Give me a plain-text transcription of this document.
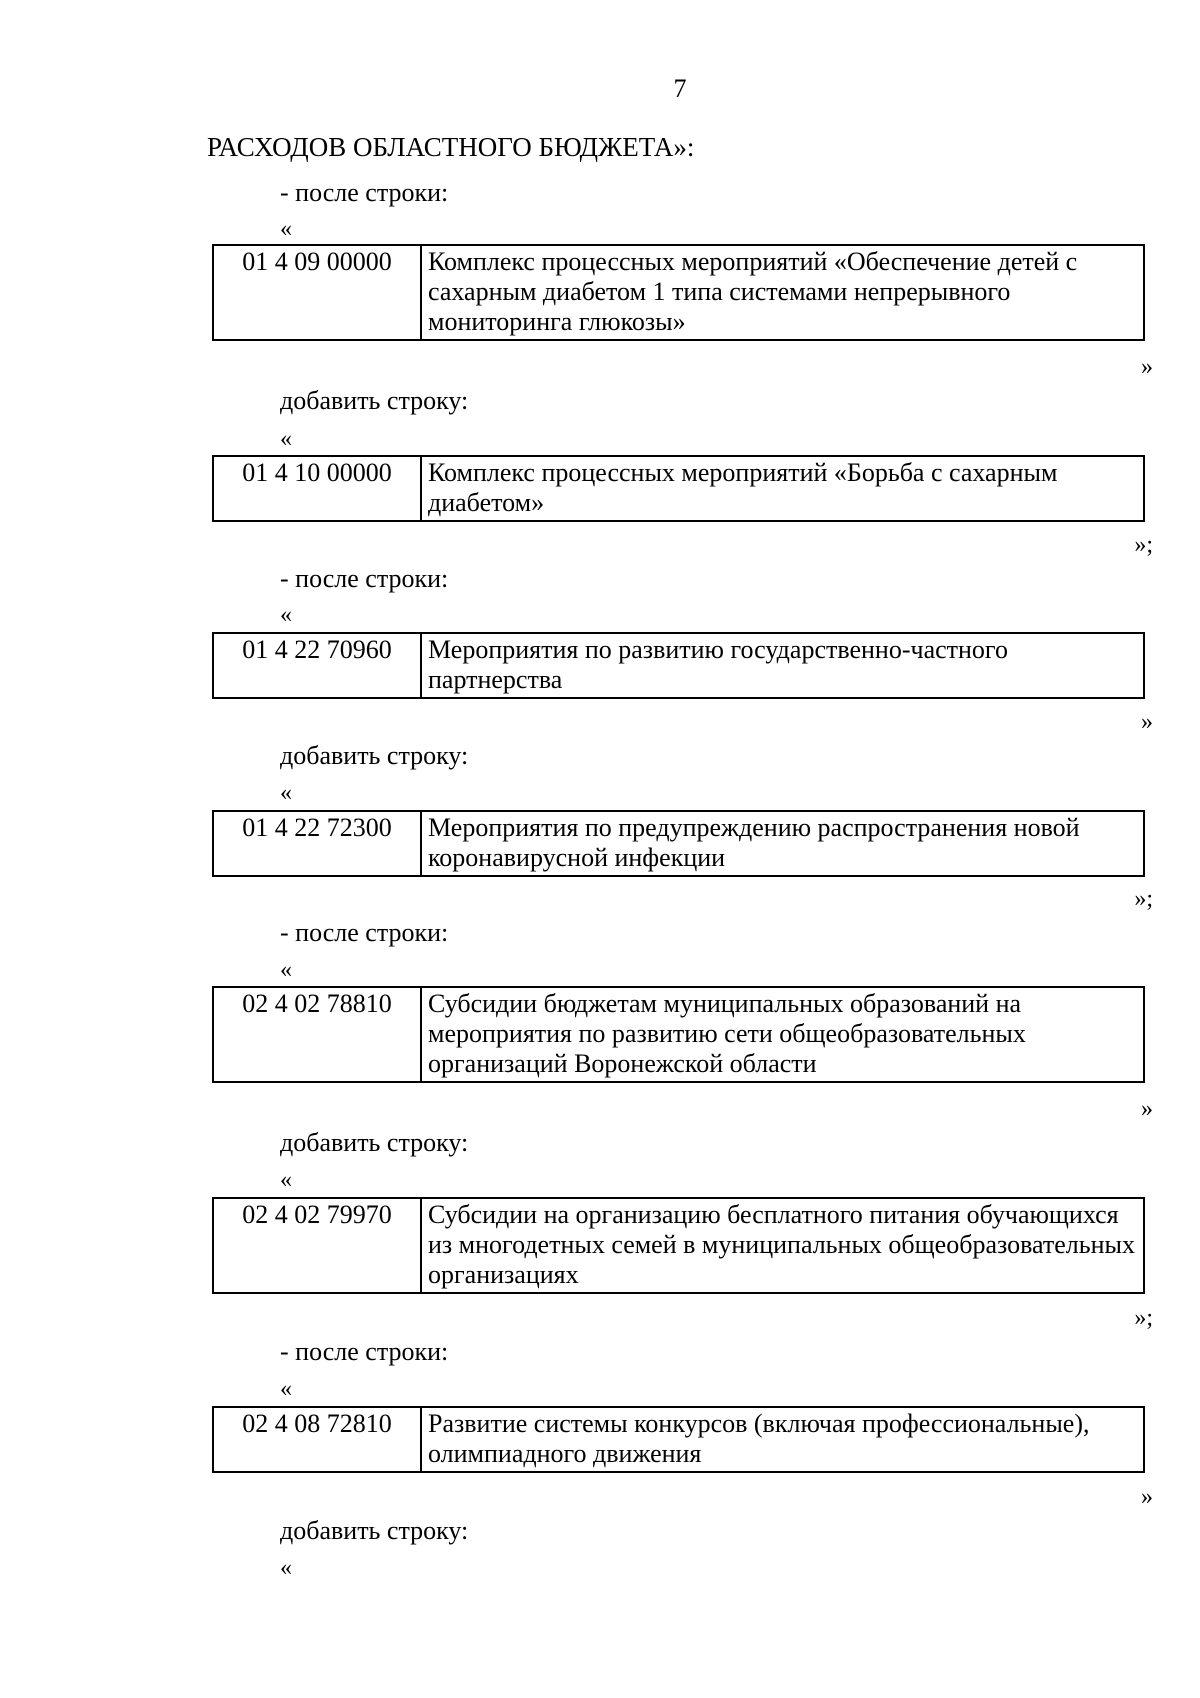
7
РАСХОДОВ ОБЛАСТНОГО БЮДЖЕТА»:
- после строки:
«
01 4 09 00000	Комплекс процессных мероприятий «Обеспечение детей с сахарным диабетом 1 типа системами непрерывного мониторинга глюкозы»
»
добавить строку:
«
01 4 10 00000	Комплекс процессных мероприятий «Борьба с сахарным диабетом»
»;
- после строки:
«
01 4 22 70960	Мероприятия по развитию государственно-частного партнерства
»
добавить строку:
«
01 4 22 72300	Мероприятия по предупреждению распространения новой коронавирусной инфекции
»;
- после строки:
«
02 4 02 78810	Субсидии бюджетам муниципальных образований на мероприятия по развитию сети общеобразовательных организаций Воронежской области
»
добавить строку:
«
02 4 02 79970	Субсидии на организацию бесплатного питания обучающихся из многодетных семей в муниципальных общеобразовательных организациях
»;
- после строки:
«
02 4 08 72810	Развитие системы конкурсов (включая профессиональные), олимпиадного движения
»
добавить строку:
«
